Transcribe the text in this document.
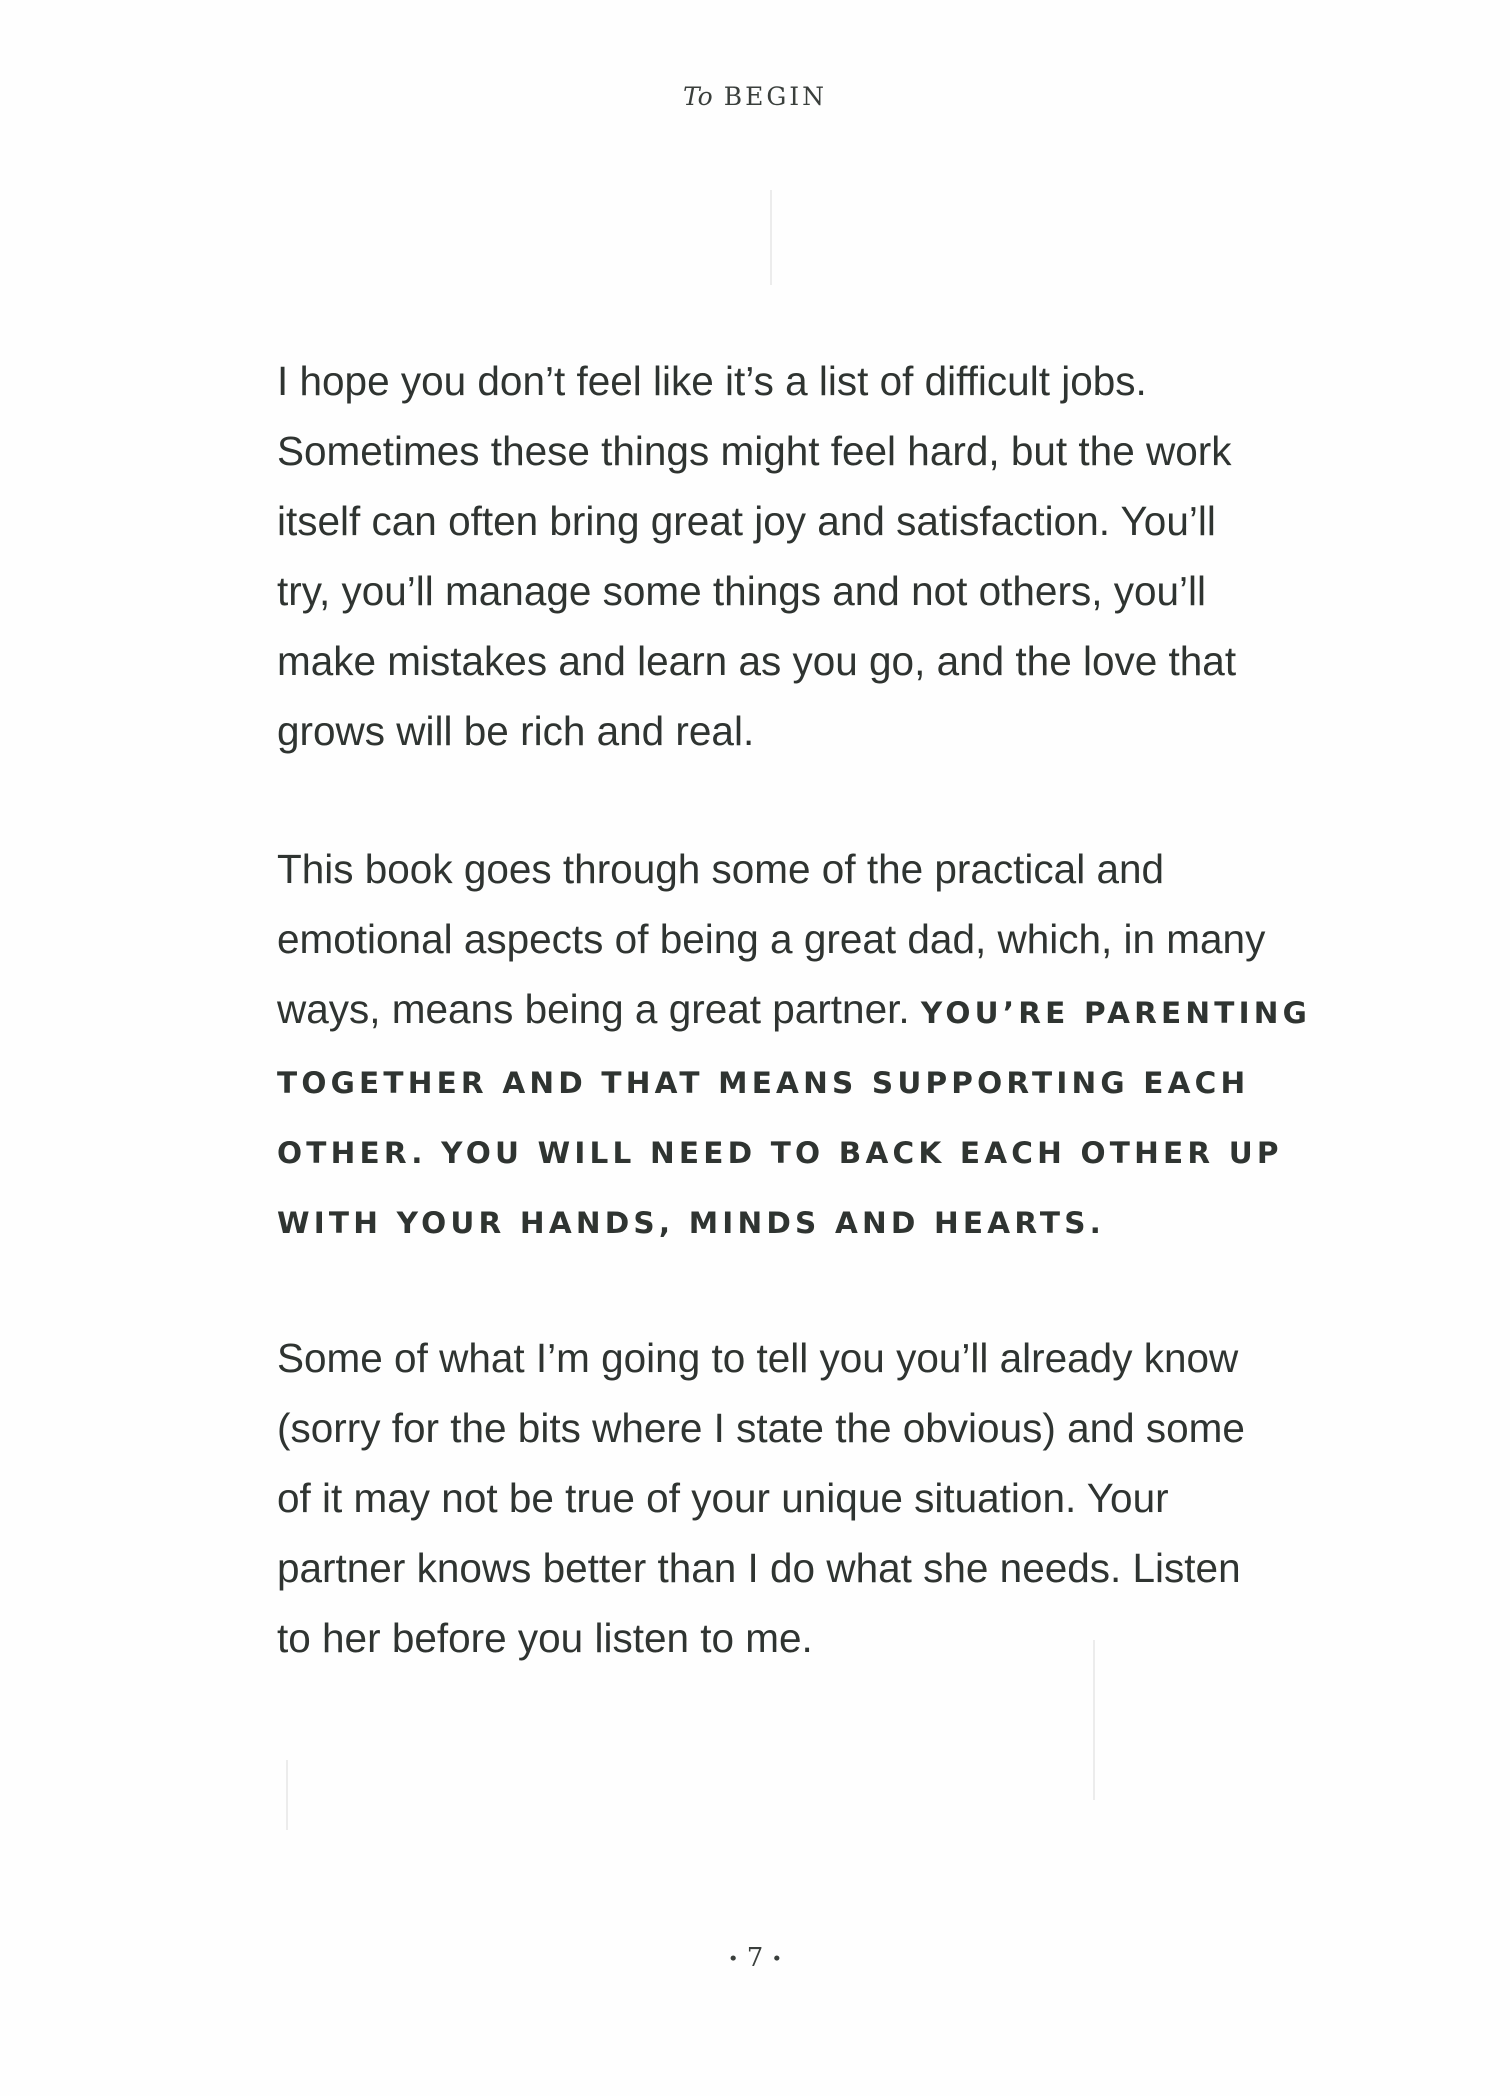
To BEGIN
I hope you don’t feel like it’s a list of difficult jobs.
Sometimes these things might feel hard, but the work
itself can often bring great joy and satisfaction. You’ll
try, you’ll manage some things and not others, you’ll
make mistakes and learn as you go, and the love that
grows will be rich and real.
This book goes through some of the practical and
emotional aspects of being a great dad, which, in many
ways, means being a great partner. YOU’RE PARENTING
TOGETHER AND THAT MEANS SUPPORTING EACH
OTHER. YOU WILL NEED TO BACK EACH OTHER UP
WITH YOUR HANDS, MINDS AND HEARTS.
Some of what I’m going to tell you you’ll already know
(sorry for the bits where I state the obvious) and some
of it may not be true of your unique situation. Your
partner knows better than I do what she needs. Listen
to her before you listen to me.
• 7 •
